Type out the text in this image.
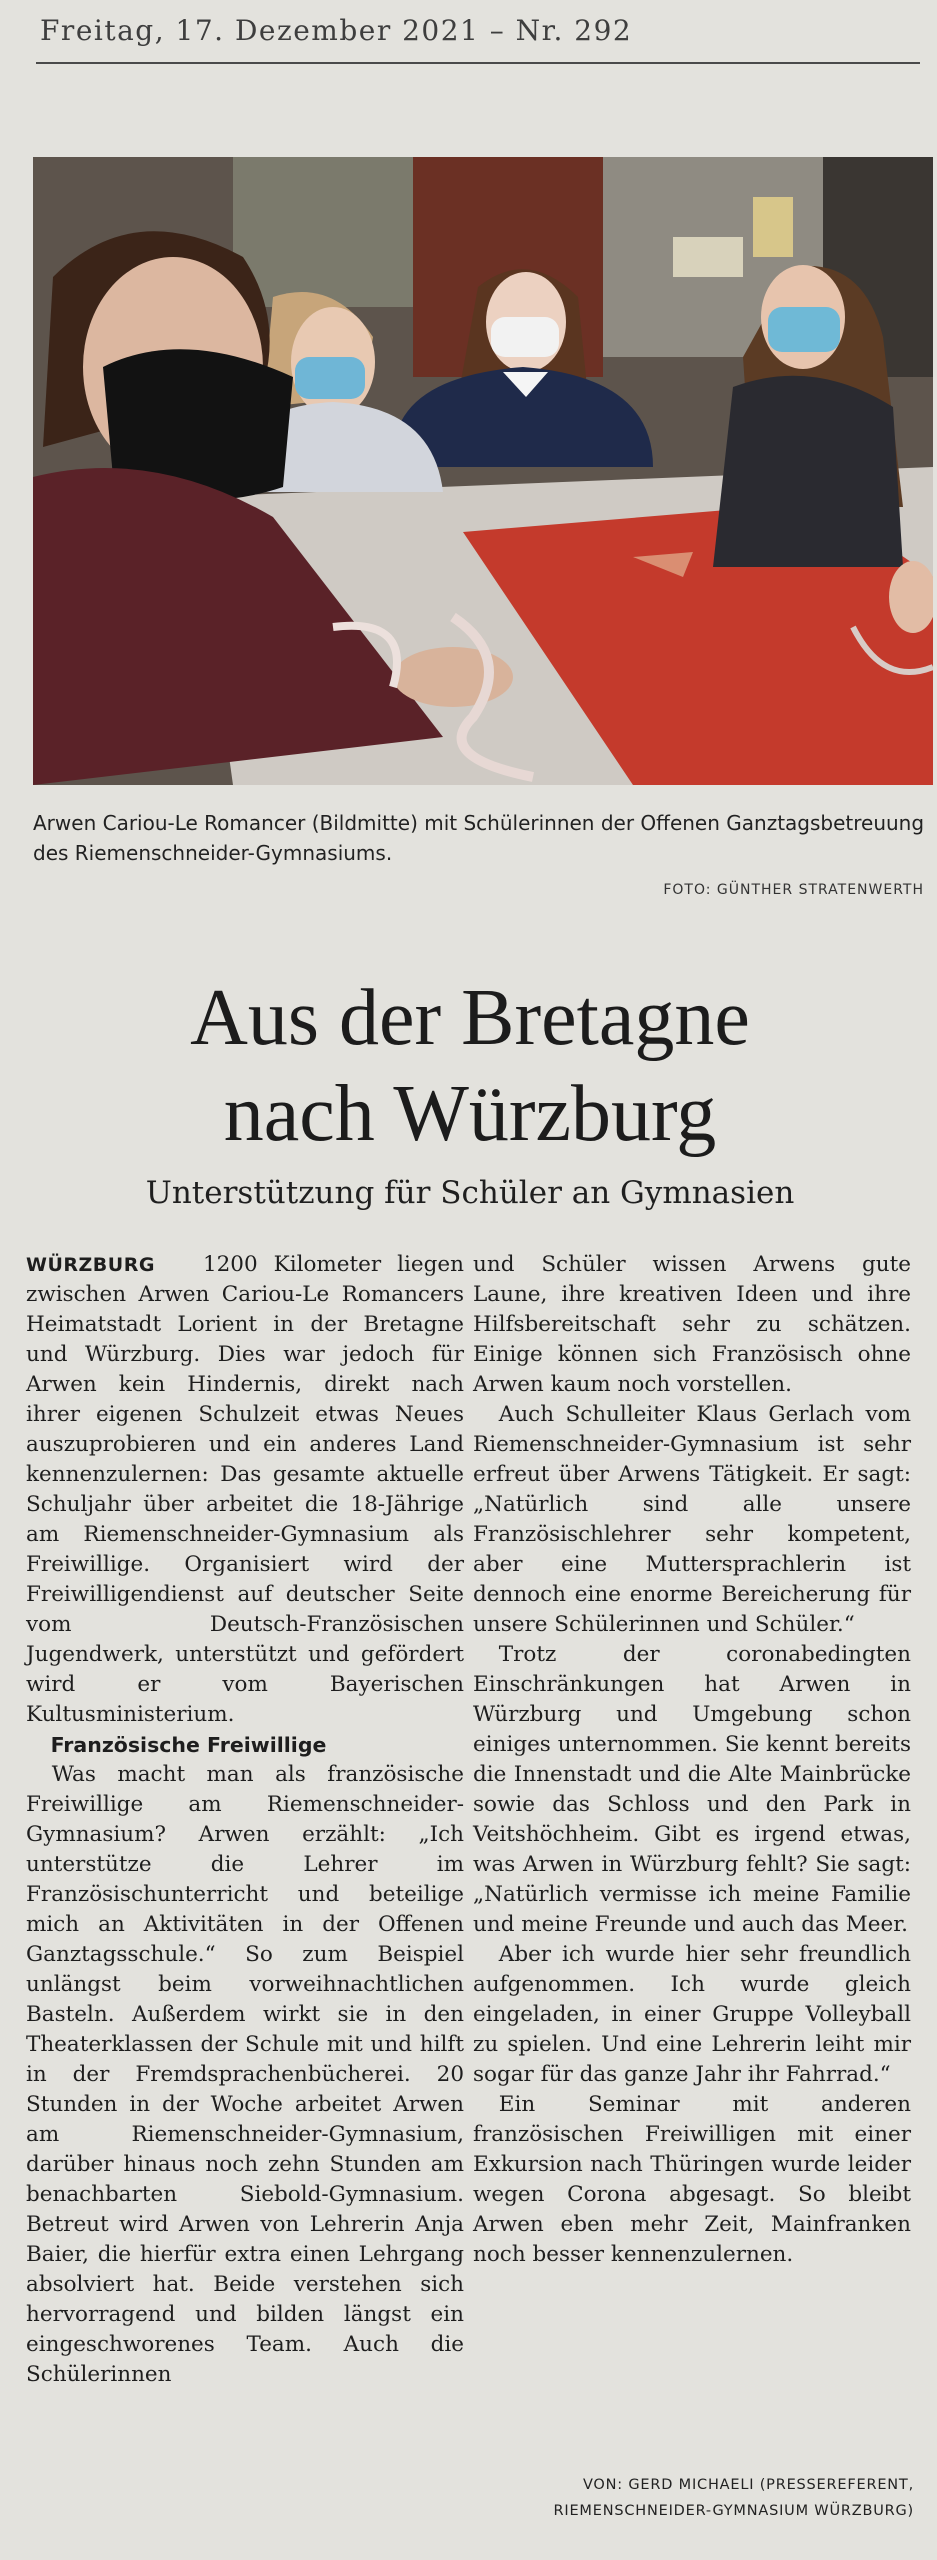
Freitag, 17. Dezember 2021 – Nr. 292
Arwen Cariou-Le Romancer (Bildmitte) mit Schülerinnen der Offenen Ganztagsbetreuung des Riemenschneider-Gymnasiums.
FOTO: GÜNTHER STRATENWERTH
Aus der Bretagne
nach Würzburg
Unterstützung für Schüler an Gymnasien

WÜRZBURG 1200 Kilometer liegen zwischen Arwen Cariou-Le Romancers Heimatstadt Lorient in der Bretagne und Würzburg. Dies war jedoch für Arwen kein Hindernis, direkt nach ihrer eigenen Schulzeit etwas Neues auszuprobieren und ein anderes Land kennenzulernen: Das gesamte aktuelle Schuljahr über arbeitet die 18-Jährige am Riemenschneider-Gymnasium als Freiwillige. Organisiert wird der Freiwilligendienst auf deutscher Seite vom Deutsch-Französischen Jugendwerk, unterstützt und gefördert wird er vom Bayerischen Kultusministerium.

Französische Freiwillige

Was macht man als französische Freiwillige am Riemenschneider-Gymnasium? Arwen erzählt: „Ich unterstütze die Lehrer im Französischunterricht und beteilige mich an Aktivitäten in der Offenen Ganztagsschule.“ So zum Beispiel unlängst beim vorweihnachtlichen Basteln. Außerdem wirkt sie in den Theaterklassen der Schule mit und hilft in der Fremdsprachenbücherei. 20 Stunden in der Woche arbeitet Arwen am Riemenschneider-Gymnasium, darüber hinaus noch zehn Stunden am benachbarten Siebold-Gymnasium. Betreut wird Arwen von Lehrerin Anja Baier, die hierfür extra einen Lehrgang absolviert hat. Beide verstehen sich hervorragend und bilden längst ein eingeschworenes Team. Auch die Schülerinnen

und Schüler wissen Arwens gute Laune, ihre kreativen Ideen und ihre Hilfsbereitschaft sehr zu schätzen. Einige können sich Französisch ohne Arwen kaum noch vorstellen.

Auch Schulleiter Klaus Gerlach vom Riemenschneider-Gymnasium ist sehr erfreut über Arwens Tätigkeit. Er sagt: „Natürlich sind alle unsere Französischlehrer sehr kompetent, aber eine Muttersprachlerin ist dennoch eine enorme Bereicherung für unsere Schülerinnen und Schüler.“

Trotz der coronabedingten Einschränkungen hat Arwen in Würzburg und Umgebung schon einiges unternommen. Sie kennt bereits die Innenstadt und die Alte Mainbrücke sowie das Schloss und den Park in Veitshöchheim. Gibt es irgend etwas, was Arwen in Würzburg fehlt? Sie sagt: „Natürlich vermisse ich meine Familie und meine Freunde und auch das Meer.

Aber ich wurde hier sehr freundlich aufgenommen. Ich wurde gleich eingeladen, in einer Gruppe Volleyball zu spielen. Und eine Lehrerin leiht mir sogar für das ganze Jahr ihr Fahrrad.“

Ein Seminar mit anderen französischen Freiwilligen mit einer Exkursion nach Thüringen wurde leider wegen Corona abgesagt. So bleibt Arwen eben mehr Zeit, Mainfranken noch besser kennenzulernen.

VON: GERD MICHAELI (PRESSEREFERENT,
RIEMENSCHNEIDER-GYMNASIUM WÜRZBURG)
